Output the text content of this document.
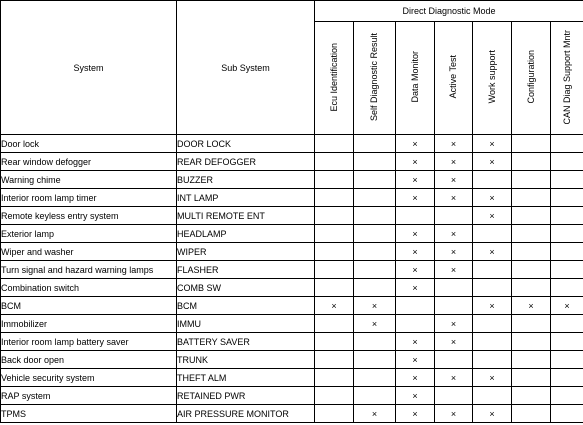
System	Sub System	Direct Diagnostic Mode						
		Ecu Identification	Self Diagnostic Result	Data Monitor	Active Test	Work support	Configuration	CAN Diag Support Mntr
Door lock	DOOR LOCK			×	×	×		
Rear window defogger	REAR DEFOGGER			×	×	×		
Warning chime	BUZZER			×	×			
Interior room lamp timer	INT LAMP			×	×	×		
Remote keyless entry system	MULTI REMOTE ENT					×		
Exterior lamp	HEADLAMP			×	×			
Wiper and washer	WIPER			×	×	×		
Turn signal and hazard warning lamps	FLASHER			×	×			
Combination switch	COMB SW			×				
BCM	BCM	×	×			×	×	×
Immobilizer	IMMU		×		×			
Interior room lamp battery saver	BATTERY SAVER			×	×			
Back door open	TRUNK			×				
Vehicle security system	THEFT ALM			×	×	×		
RAP system	RETAINED PWR			×				
TPMS	AIR PRESSURE MONITOR		×	×	×	×		
